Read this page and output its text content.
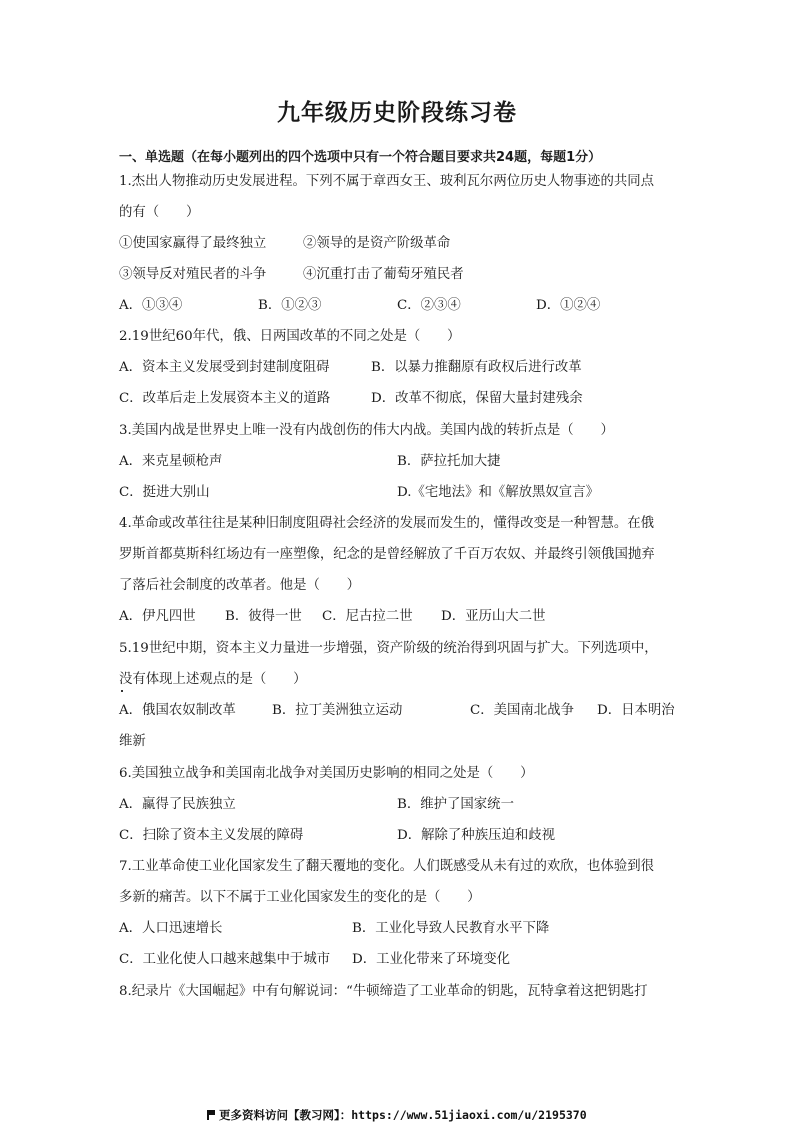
九年级历史阶段练习卷
一、单选题（在每小题列出的四个选项中只有一个符合题目要求共24题，每题1分）
1.杰出人物推动历史发展进程。下列不属于章西女王、玻利瓦尔两位历史人物事迹的共同点
的有（　　）
①使国家赢得了最终独立	②领导的是资产阶级革命
③领导反对殖民者的斗争	④沉重打击了葡萄牙殖民者
A．①③④	B．①②③	C．②③④	D．①②④
2.19世纪60年代，俄、日两国改革的不同之处是（　　）
A．资本主义发展受到封建制度阻碍	B．以暴力推翻原有政权后进行改革
C．改革后走上发展资本主义的道路	D．改革不彻底，保留大量封建残余
3.美国内战是世界史上唯一没有内战创伤的伟大内战。美国内战的转折点是（　　）
A．来克星顿枪声	B．萨拉托加大捷
C．挺进大别山	D.《宅地法》和《解放黑奴宣言》
4.革命或改革往往是某种旧制度阻碍社会经济的发展而发生的，懂得改变是一种智慧。在俄
罗斯首都莫斯科红场边有一座塑像，纪念的是曾经解放了千百万农奴、并最终引领俄国抛弃
了落后社会制度的改革者。他是（　　）
A．伊凡四世 B．彼得一世 C．尼古拉二世 D．亚历山大二世
5.19世纪中期，资本主义力量进一步增强，资产阶级的统治得到巩固与扩大。下列选项中，
没有体现上述观点的是（　　）
A．俄国农奴制改革	B．拉丁美洲独立运动	C．美国南北战争 D．日本明治
维新
6.美国独立战争和美国南北战争对美国历史影响的相同之处是（　　）
A．赢得了民族独立	B．维护了国家统一
C．扫除了资本主义发展的障碍	D．解除了种族压迫和歧视
7.工业革命使工业化国家发生了翻天覆地的变化。人们既感受从未有过的欢欣，也体验到很
多新的痛苦。以下不属于工业化国家发生的变化的是（　　）
A．人口迅速增长	B．工业化导致人民教育水平下降
C．工业化使人口越来越集中于城市 D．工业化带来了环境变化
8.纪录片《大国崛起》中有句解说词：“牛顿缔造了工业革命的钥匙，瓦特拿着这把钥匙打
更多资料访问【教习网】：https://www.51jiaoxi.com/u/2195370
